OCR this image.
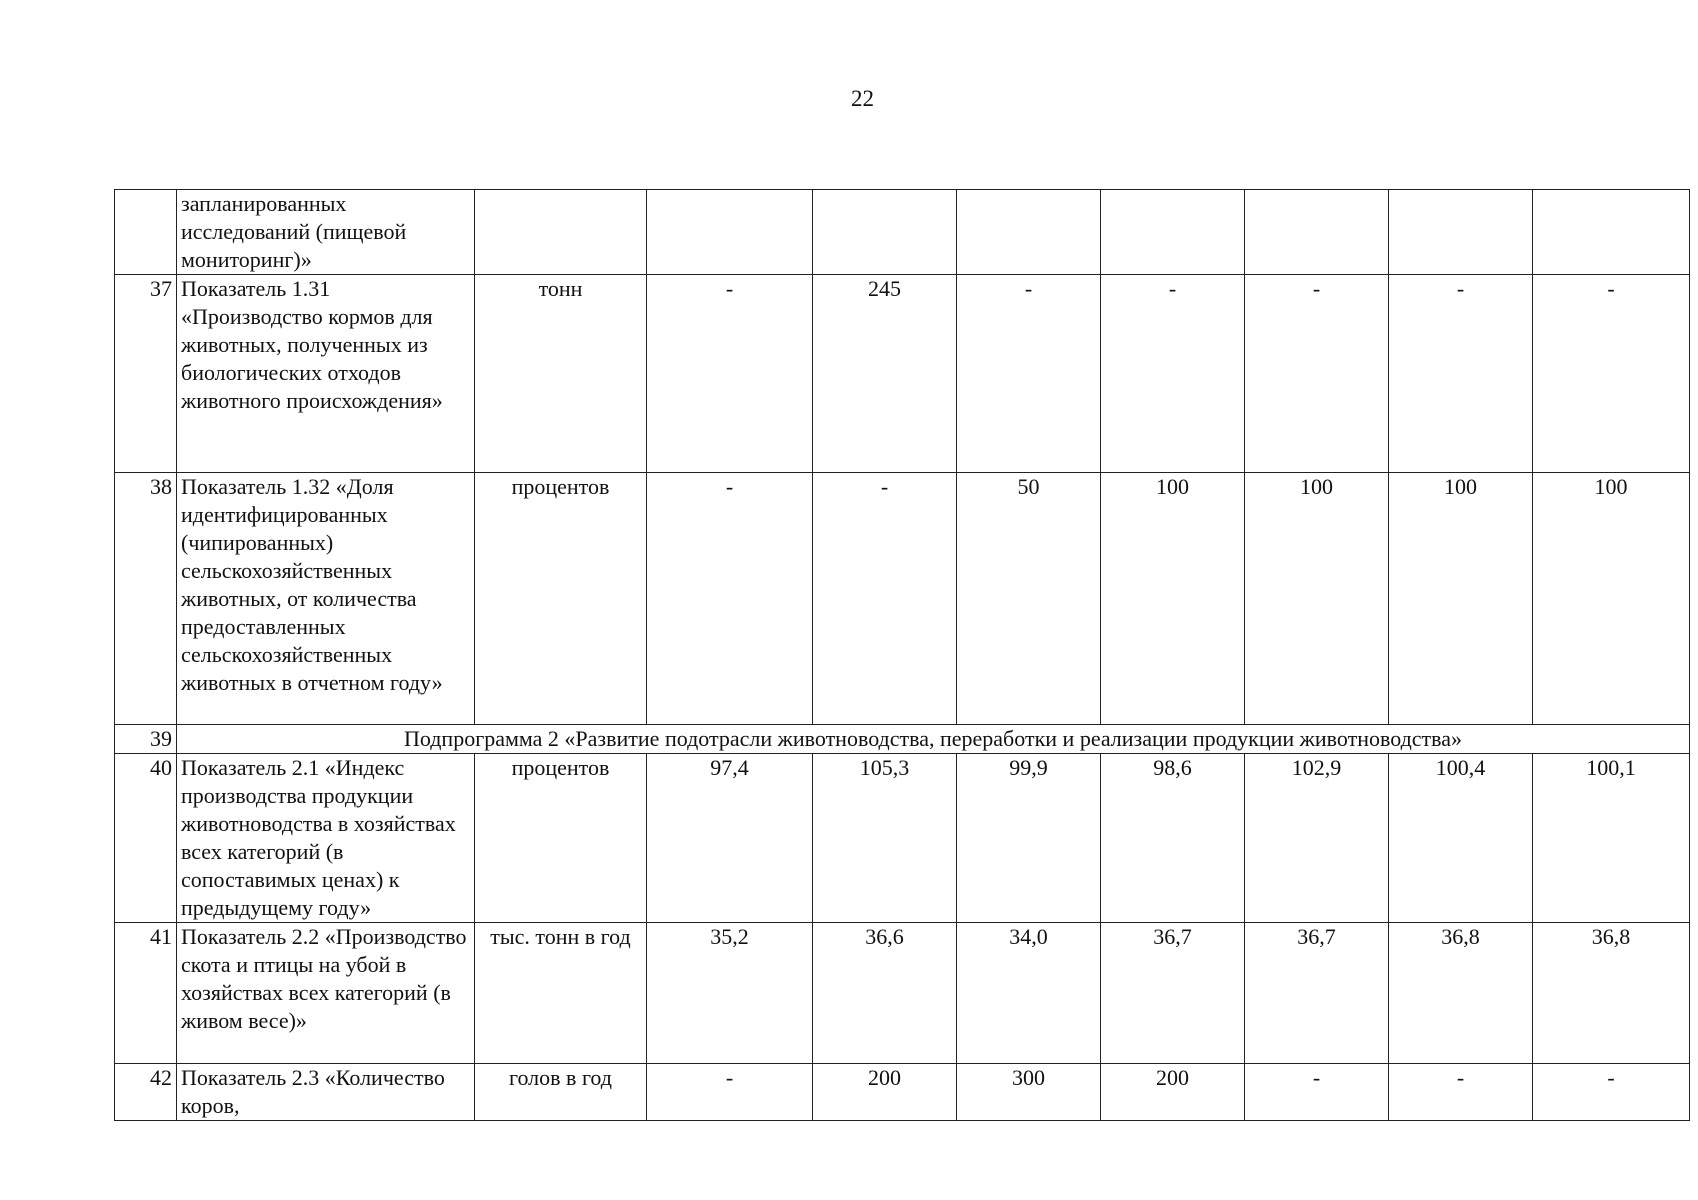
22
	запланированных исследований (пищевой мониторинг)»								
37	Показатель 1.31 «Производство кормов для животных, полученных из биологических отходов животного происхождения»	тонн	-	245	-	-	-	-	-
38	Показатель 1.32 «Доля идентифицированных (чипированных) сельскохозяйственных животных, от количества предоставленных сельскохозяйственных животных в отчетном году»	процентов	-	-	50	100	100	100	100
39	Подпрограмма 2 «Развитие подотрасли животноводства, переработки и реализации продукции животноводства»								
40	Показатель 2.1 «Индекс производства продукции животноводства в хозяйствах всех категорий (в сопоставимых ценах) к предыдущему году»	процентов	97,4	105,3	99,9	98,6	102,9	100,4	100,1
41	Показатель 2.2 «Производство скота и птицы на убой в хозяйствах всех категорий (в живом весе)»	тыс. тонн в год	35,2	36,6	34,0	36,7	36,7	36,8	36,8
42	Показатель 2.3 «Количество коров,	голов в год	-	200	300	200	-	-	-
